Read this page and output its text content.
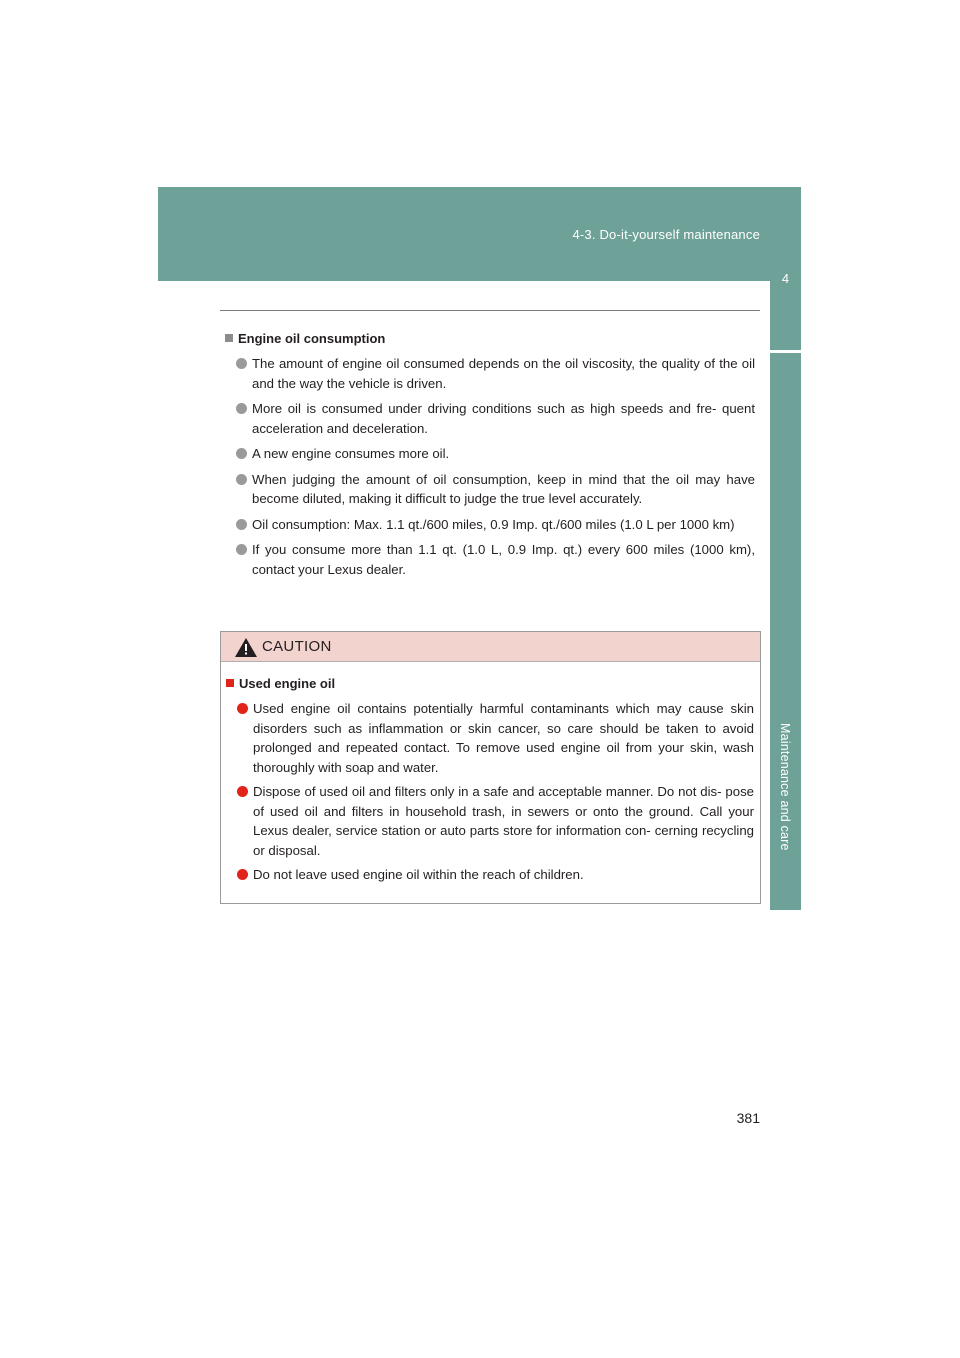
4-3. Do-it-yourself maintenance
4
Maintenance and care
Engine oil consumption
The amount of engine oil consumed depends on the oil viscosity, the quality of the oil and the way the vehicle is driven.
More oil is consumed under driving conditions such as high speeds and fre- quent acceleration and deceleration.
A new engine consumes more oil.
When judging the amount of oil consumption, keep in mind that the oil may have become diluted, making it difficult to judge the true level accurately.
Oil consumption: Max. 1.1 qt./600 miles, 0.9 Imp. qt./600 miles (1.0 L per 1000 km)
If you consume more than 1.1 qt. (1.0 L, 0.9 Imp. qt.) every 600 miles (1000 km), contact your Lexus dealer.
CAUTION
Used engine oil
Used engine oil contains potentially harmful contaminants which may cause skin disorders such as inflammation or skin cancer, so care should be taken to avoid prolonged and repeated contact. To remove used engine oil from your skin, wash thoroughly with soap and water.
Dispose of used oil and filters only in a safe and acceptable manner. Do not dis- pose of used oil and filters in household trash, in sewers or onto the ground. Call your Lexus dealer, service station or auto parts store for information con- cerning recycling or disposal.
Do not leave used engine oil within the reach of children.
381
